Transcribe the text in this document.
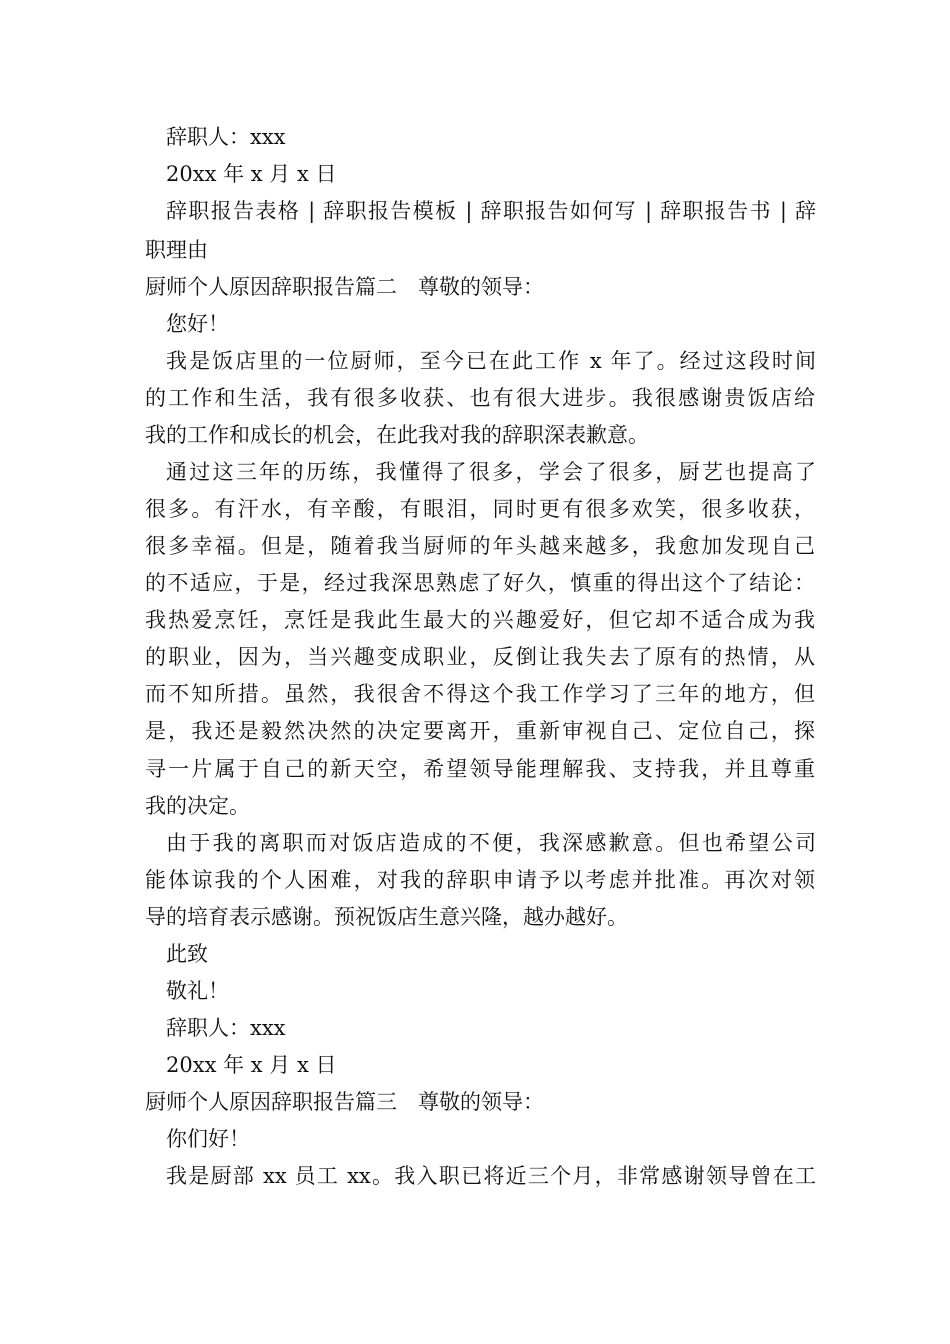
辞职人：xxx
20xx 年 x 月 x 日
辞职报告表格 | 辞职报告模板 | 辞职报告如何写 | 辞职报告书 | 辞
职理由
厨师个人原因辞职报告篇二　尊敬的领导：
您好！
我是饭店里的一位厨师，至今已在此工作 x 年了。经过这段时间
的工作和生活，我有很多收获、也有很大进步。我很感谢贵饭店给
我的工作和成长的机会，在此我对我的辞职深表歉意。
通过这三年的历练，我懂得了很多，学会了很多，厨艺也提高了
很多。有汗水，有辛酸，有眼泪，同时更有很多欢笑，很多收获，
很多幸福。但是，随着我当厨师的年头越来越多，我愈加发现自己
的不适应，于是，经过我深思熟虑了好久，慎重的得出这个了结论：
我热爱烹饪，烹饪是我此生最大的兴趣爱好，但它却不适合成为我
的职业，因为，当兴趣变成职业，反倒让我失去了原有的热情，从
而不知所措。虽然，我很舍不得这个我工作学习了三年的地方，但
是，我还是毅然决然的决定要离开，重新审视自己、定位自己，探
寻一片属于自己的新天空，希望领导能理解我、支持我，并且尊重
我的决定。
由于我的离职而对饭店造成的不便，我深感歉意。但也希望公司
能体谅我的个人困难，对我的辞职申请予以考虑并批准。再次对领
导的培育表示感谢。预祝饭店生意兴隆，越办越好。
此致
敬礼！
辞职人：xxx
20xx 年 x 月 x 日
厨师个人原因辞职报告篇三　尊敬的领导：
你们好！
我是厨部 xx 员工 xx。我入职已将近三个月，非常感谢领导曾在工
